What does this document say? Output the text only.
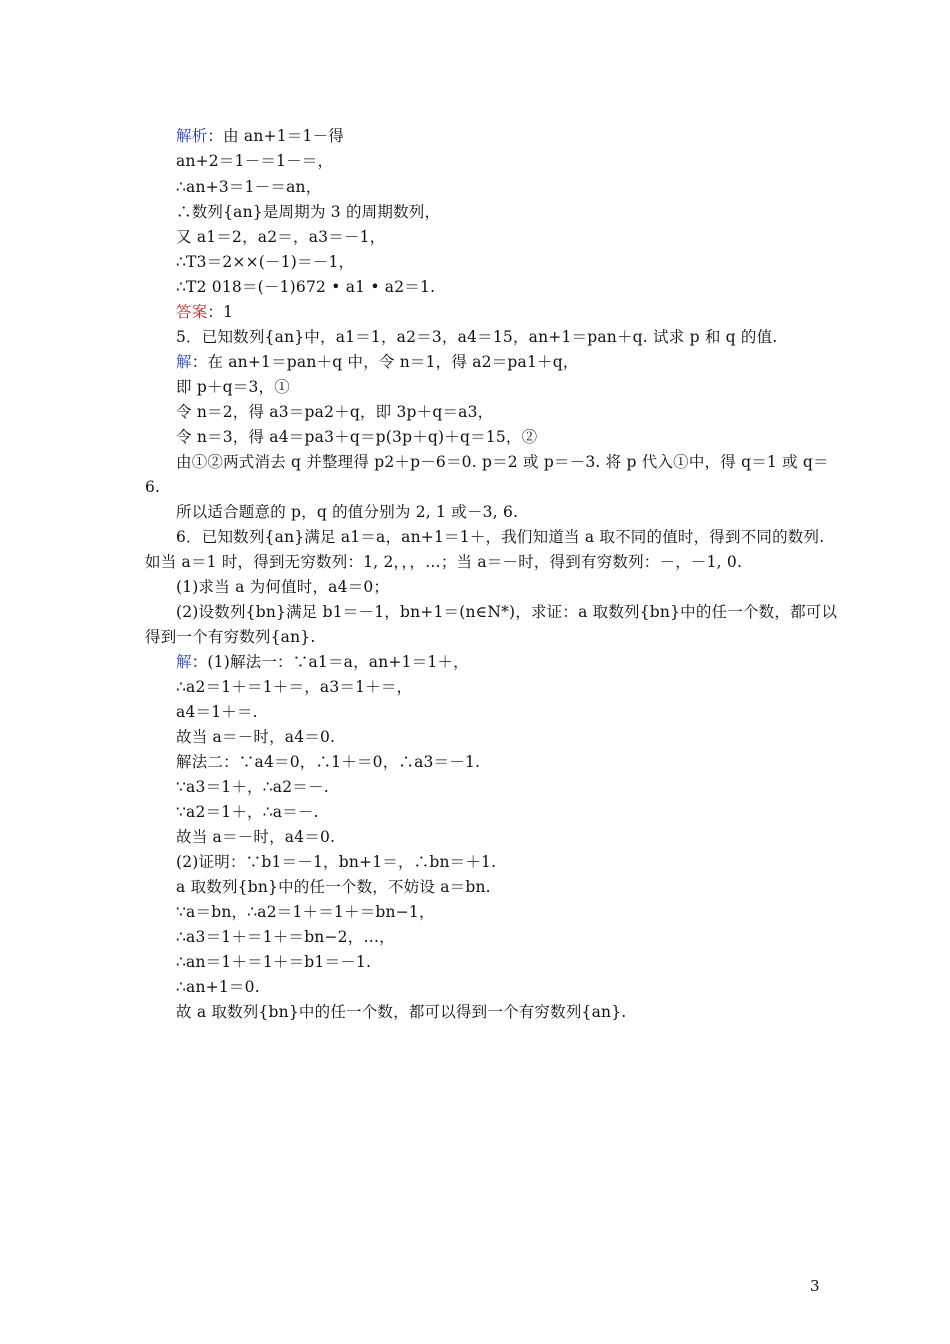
解析：由 an+1＝1－得
an+2＝1－＝1－＝，
∴an+3＝1－＝an，
∴数列{an}是周期为 3 的周期数列，
又 a1＝2，a2＝，a3＝－1，
∴T3＝2××(－1)＝－1，
∴T2 018＝(－1)672 • a1 • a2＝1.
答案：1
5．已知数列{an}中，a1＝1，a2＝3，a4＝15，an+1＝pan＋q. 试求 p 和 q 的值.
解：在 an+1＝pan＋q 中，令 n＝1，得 a2＝pa1＋q，
即 p＋q＝3，①
令 n＝2，得 a3＝pa2＋q，即 3p＋q＝a3，
令 n＝3，得 a4＝pa3＋q＝p(3p＋q)＋q＝15，②
由①②两式消去 q 并整理得 p2＋p－6＝0. p＝2 或 p＝－3. 将 p 代入①中，得 q＝1 或 q＝
6.
所以适合题意的 p，q 的值分别为 2, 1 或－3, 6.
6．已知数列{an}满足 a1＝a，an+1＝1＋，我们知道当 a 取不同的值时，得到不同的数列.
如当 a＝1 时，得到无穷数列：1, 2，，，…；当 a＝－时，得到有穷数列：－，－1, 0.
(1)求当 a 为何值时，a4＝0；
(2)设数列{bn}满足 b1＝－1，bn+1＝(n∈N*)，求证：a 取数列{bn}中的任一个数，都可以
得到一个有穷数列{an}.
解：(1)解法一：∵a1＝a，an+1＝1＋，
∴a2＝1＋＝1＋＝，a3＝1＋＝，
a4＝1＋＝.
故当 a＝－时，a4＝0.
解法二：∵a4＝0，∴1＋＝0，∴a3＝－1.
∵a3＝1＋，∴a2＝－.
∵a2＝1＋，∴a＝－.
故当 a＝－时，a4＝0.
(2)证明：∵b1＝－1，bn+1＝，∴bn＝＋1.
a 取数列{bn}中的任一个数，不妨设 a＝bn.
∵a＝bn，∴a2＝1＋＝1＋＝bn−1，
∴a3＝1＋＝1＋＝bn−2，…，
∴an＝1＋＝1＋＝b1＝－1.
∴an+1＝0.
故 a 取数列{bn}中的任一个数，都可以得到一个有穷数列{an}.
3
